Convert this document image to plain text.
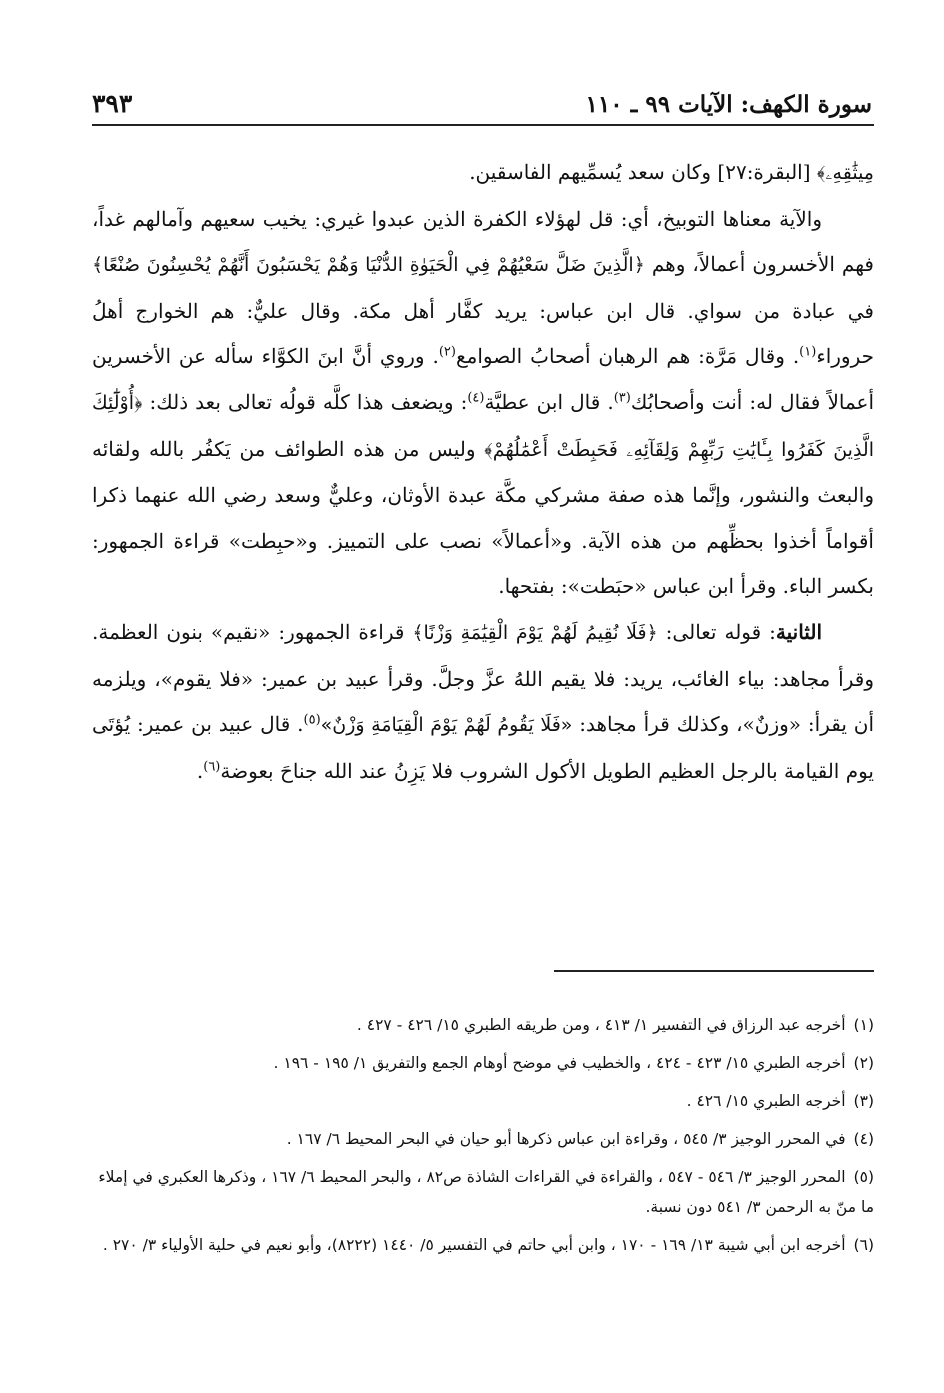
سورة الكهف: الآيات ٩٩ ـ ١١٠
٣٩٣

مِيثَٰقِهِۦ﴾ [البقرة:٢٧] وكان سعد يُسمِّيهم الفاسقين.

والآية معناها التوبيخ، أي: قل لهؤلاء الكفرة الذين عبدوا غيري: يخيب سعيهم وآمالهم غداً، فهم الأخسرون أعمالاً، وهم ﴿الَّذِينَ ضَلَّ سَعْيُهُمْ فِي الْحَيَوٰةِ الدُّنْيَا وَهُمْ يَحْسَبُونَ أَنَّهُمْ يُحْسِنُونَ صُنْعًا﴾ في عبادة من سواي. قال ابن عباس: يريد كفَّار أهل مكة. وقال عليٌّ: هم الخوارج أهلُ حروراء$^{(١)}$. وقال مَرَّة: هم الرهبان أصحابُ الصوامع$^{(٢)}$. وروي أنَّ ابنَ الكوَّاء سأله عن الأخسرين أعمالاً فقال له: أنت وأصحابُك$^{(٣)}$. قال ابن عطيَّة$^{(٤)}$: ويضعف هذا كلَّه قولُه تعالى بعد ذلك: ﴿أُوْلَٰٓئِكَ الَّذِينَ كَفَرُوا بِـَٔايَٰتِ رَبِّهِمْ وَلِقَآئِهِۦ فَحَبِطَتْ أَعْمَٰلُهُمْ﴾ وليس من هذه الطوائف من يَكفُر بالله ولقائه والبعث والنشور، وإنَّما هذه صفة مشركي مكَّة عبدة الأوثان، وعليٌّ وسعد رضي الله عنهما ذكرا أقواماً أخذوا بحظِّهم من هذه الآية. و«أعمالاً» نصب على التمييز. و«حبِطت» قراءة الجمهور: بكسر الباء. وقرأ ابن عباس «حبَطت»: بفتحها.

الثانية: قوله تعالى: ﴿فَلَا نُقِيمُ لَهُمْ يَوْمَ الْقِيَٰمَةِ وَزْنًا﴾ قراءة الجمهور: «نقيم» بنون العظمة. وقرأ مجاهد: بياء الغائب، يريد: فلا يقيم اللهُ عزَّ وجلَّ. وقرأ عبيد بن عمير: «فلا يقوم»، ويلزمه أن يقرأ: «وزنٌ»، وكذلك قرأ مجاهد: «فَلَا يَقُومُ لَهُمْ يَوْمَ الْقِيَامَةِ وَزْنٌ»$^{(٥)}$. قال عبيد بن عمير: يُؤتَى يوم القيامة بالرجل العظيم الطويل الأكول الشروب فلا يَزِنُ عند الله جناحَ بعوضة$^{(٦)}$.

(١)أخرجه عبد الرزاق في التفسير ١/ ٤١٣ ، ومن طريقه الطبري ١٥/ ٤٢٦ - ٤٢٧ .

(٢)أخرجه الطبري ١٥/ ٤٢٣ - ٤٢٤ ، والخطيب في موضح أوهام الجمع والتفريق ١/ ١٩٥ - ١٩٦ .

(٣)أخرجه الطبري ١٥/ ٤٢٦ .

(٤)في المحرر الوجيز ٣/ ٥٤٥ ، وقراءة ابن عباس ذكرها أبو حيان في البحر المحيط ٦/ ١٦٧ .

(٥)المحرر الوجيز ٣/ ٥٤٦ - ٥٤٧ ، والقراءة في القراءات الشاذة ص٨٢ ، والبحر المحيط ٦/ ١٦٧ ، وذكرها العكبري في إملاء ما منّ به الرحمن ٣/ ٥٤١ دون نسبة.

(٦)أخرجه ابن أبي شيبة ١٣/ ١٦٩ - ١٧٠ ، وابن أبي حاتم في التفسير ٥/ ١٤٤٠ (٨٢٢٢)، وأبو نعيم في حلية الأولياء ٣/ ٢٧٠ .
